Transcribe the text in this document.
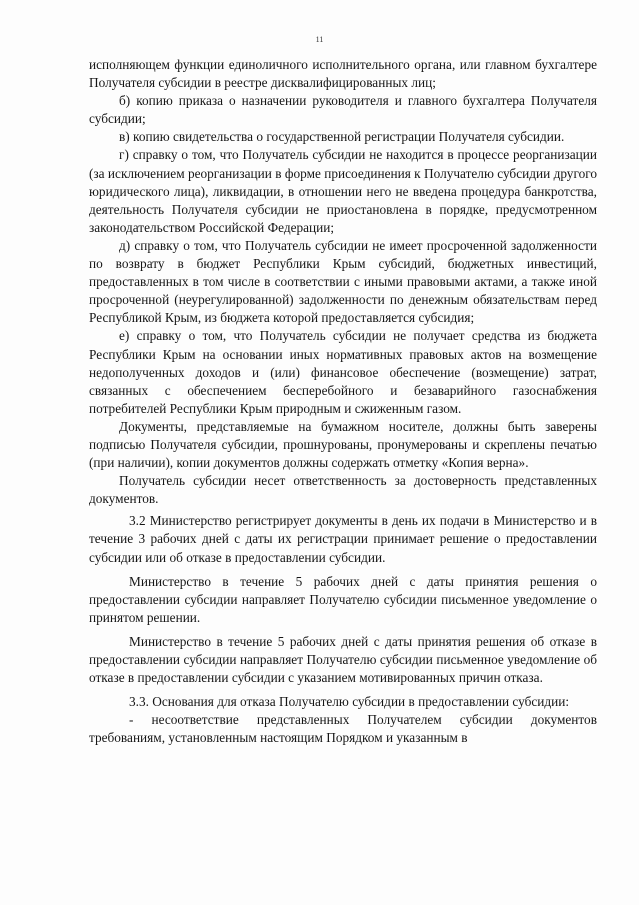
11

исполняющем функции единоличного исполнительного органа, или главном бухгалтере Получателя субсидии в реестре дисквалифицированных лиц;

б) копию приказа о назначении руководителя и главного бухгалтера Получателя субсидии;

в) копию свидетельства о государственной регистрации Получателя субсидии.

г) справку о том, что Получатель субсидии не находится в процессе реорганизации (за исключением реорганизации в форме присоединения к Получателю субсидии другого юридического лица), ликвидации, в отношении него не введена процедура банкротства, деятельность Получателя субсидии не приостановлена в порядке, предусмотренном законодательством Российской Федерации;

д) справку о том, что Получатель субсидии не имеет просроченной задолженности по возврату в бюджет Республики Крым субсидий, бюджетных инвестиций, предоставленных в том числе в соответствии с иными правовыми актами, а также иной просроченной (неурегулированной) задолженности по денежным обязательствам перед Республикой Крым, из бюджета которой предоставляется субсидия;

е) справку о том, что Получатель субсидии не получает средства из бюджета Республики Крым на основании иных нормативных правовых актов на возмещение недополученных доходов и (или) финансовое обеспечение (возмещение) затрат, связанных с обеспечением бесперебойного и безаварийного газоснабжения потребителей Республики Крым природным и сжиженным газом.

Документы, представляемые на бумажном носителе, должны быть заверены подписью Получателя субсидии, прошнурованы, пронумерованы и скреплены печатью (при наличии), копии документов должны содержать отметку «Копия верна».

Получатель субсидии несет ответственность за достоверность представленных документов.

3.2 Министерство регистрирует документы в день их подачи в Министерство и в течение 3 рабочих дней с даты их регистрации принимает решение о предоставлении субсидии или об отказе в предоставлении субсидии.

Министерство в течение 5 рабочих дней с даты принятия решения о предоставлении субсидии направляет Получателю субсидии письменное уведомление о принятом решении.

Министерство в течение 5 рабочих дней с даты принятия решения об отказе в предоставлении субсидии направляет Получателю субсидии письменное уведомление об отказе в предоставлении субсидии с указанием мотивированных причин отказа.

3.3. Основания для отказа Получателю субсидии в предоставлении субсидии:

- несоответствие представленных Получателем субсидии документов требованиям, установленным настоящим Порядком и указанным в
